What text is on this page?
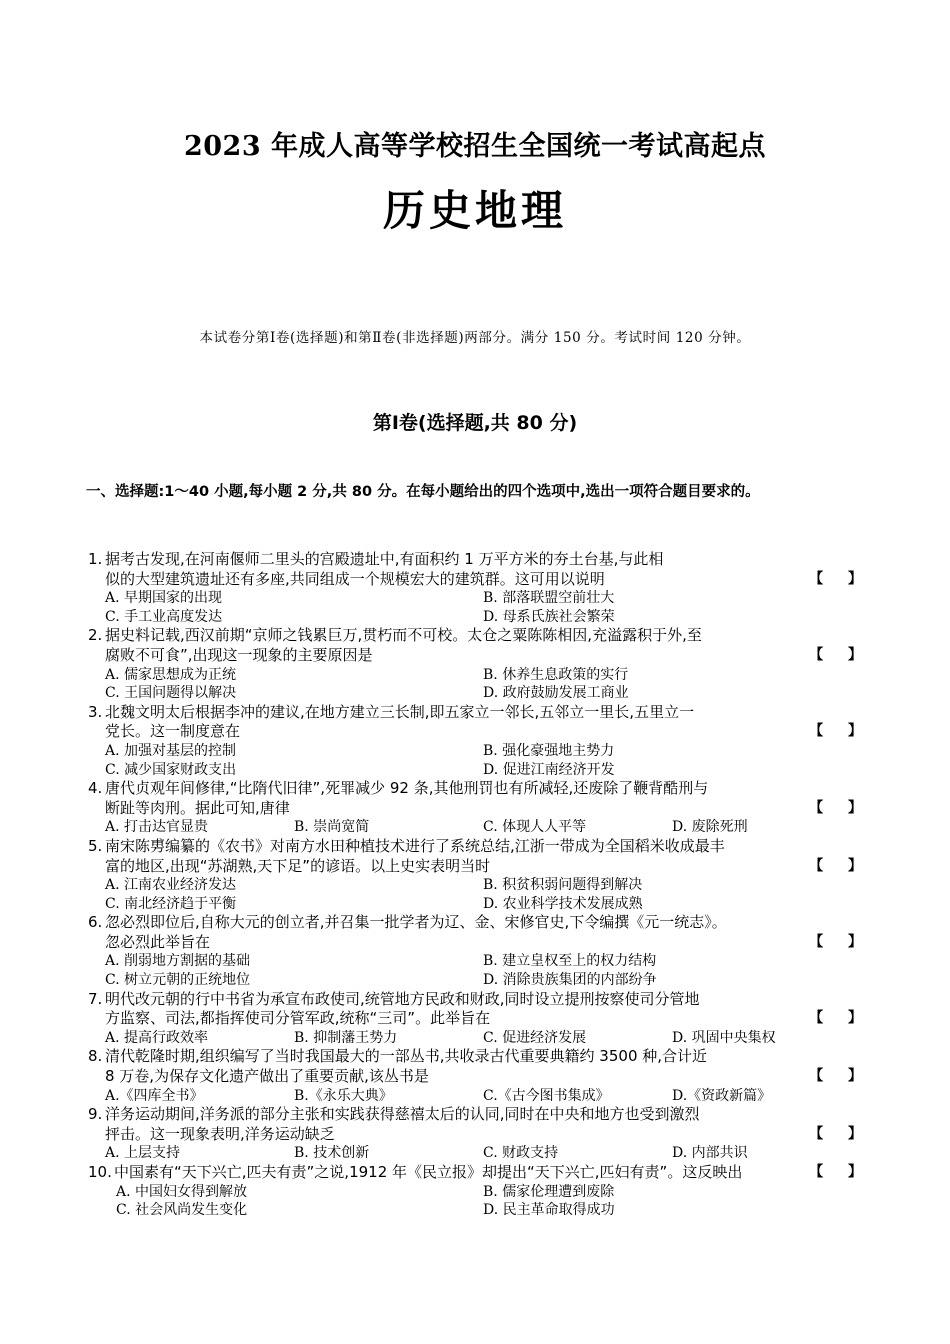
2023 年成人高等学校招生全国统一考试高起点
历史地理
本试卷分第Ⅰ卷(选择题)和第Ⅱ卷(非选择题)两部分。满分 150 分。考试时间 120 分钟。
第Ⅰ卷(选择题,共 80 分)
一、选择题:1～40 小题,每小题 2 分,共 80 分。在每小题给出的四个选项中,选出一项符合题目要求的。
1. 据考古发现,在河南偃师二里头的宫殿遗址中,有面积约 1 万平方米的夯土台基,与此相
【 】
似的大型建筑遗址还有多座,共同组成一个规模宏大的建筑群。这可用以说明
A. 早期国家的出现	B. 部落联盟空前壮大
C. 手工业高度发达	D. 母系氏族社会繁荣
2. 据史料记载,西汉前期“京师之钱累巨万,贯朽而不可校。太仓之粟陈陈相因,充溢露积于外,至
【 】
腐败不可食”,出现这一现象的主要原因是
A. 儒家思想成为正统	B. 休养生息政策的实行
C. 王国问题得以解决	D. 政府鼓励发展工商业
3. 北魏文明太后根据李冲的建议,在地方建立三长制,即五家立一邻长,五邻立一里长,五里立一
【 】
党长。这一制度意在
A. 加强对基层的控制	B. 强化豪强地主势力
C. 减少国家财政支出	D. 促进江南经济开发
4. 唐代贞观年间修律,“比隋代旧律”,死罪减少 92 条,其他刑罚也有所减轻,还废除了鞭背酷刑与
【 】
断趾等肉刑。据此可知,唐律
A. 打击达官显贵	B. 崇尚宽简	C. 体现人人平等	D. 废除死刑
5. 南宋陈旉编纂的《农书》对南方水田种植技术进行了系统总结,江浙一带成为全国稻米收成最丰
【 】
富的地区,出现“苏湖熟,天下足”的谚语。以上史实表明当时
A. 江南农业经济发达	B. 积贫积弱问题得到解决
C. 南北经济趋于平衡	D. 农业科学技术发展成熟
6. 忽必烈即位后,自称大元的创立者,并召集一批学者为辽、金、宋修官史,下令编撰《元一统志》。
【 】
忽必烈此举旨在
A. 削弱地方割据的基础	B. 建立皇权至上的权力结构
C. 树立元朝的正统地位	D. 消除贵族集团的内部纷争
7. 明代改元朝的行中书省为承宣布政使司,统管地方民政和财政,同时设立提刑按察使司分管地
【 】
方监察、司法,都指挥使司分管军政,统称“三司”。此举旨在
A. 提高行政效率	B. 抑制藩王势力	C. 促进经济发展	D. 巩固中央集权
8. 清代乾隆时期,组织编写了当时我国最大的一部丛书,共收录古代重要典籍约 3500 种,合计近
【 】
8 万卷,为保存文化遗产做出了重要贡献,该丛书是
A.《四库全书》	B.《永乐大典》	C.《古今图书集成》	D.《资政新篇》
9. 洋务运动期间,洋务派的部分主张和实践获得慈禧太后的认同,同时在中央和地方也受到激烈
【 】
抨击。这一现象表明,洋务运动缺乏
A. 上层支持	B. 技术创新	C. 财政支持	D. 内部共识
10.	【 】
中国素有“天下兴亡,匹夫有责”之说,1912 年《民立报》却提出“天下兴亡,匹妇有责”。这反映出
A. 中国妇女得到解放	B. 儒家伦理遭到废除
C. 社会风尚发生变化	D. 民主革命取得成功
